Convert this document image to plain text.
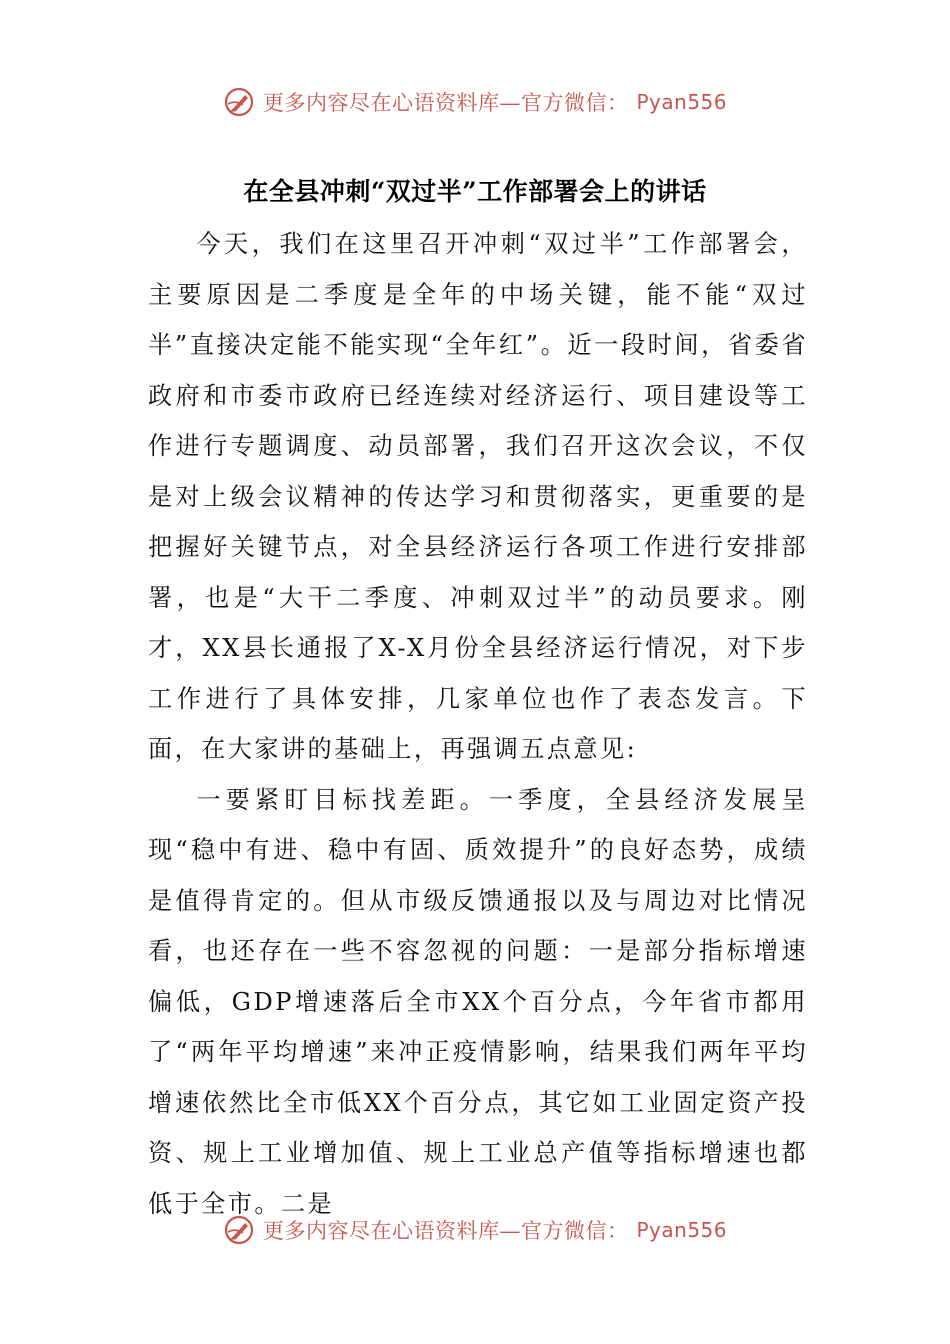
更多内容尽在心语资料库—官方微信： Pyan556
在全县冲刺“双过半”工作部署会上的讲话

今天，我们在这里召开冲刺“双过半”工作部署会，主要原因是二季度是全年的中场关键，能不能“双过半”直接决定能不能实现“全年红”。近一段时间，省委省政府和市委市政府已经连续对经济运行、项目建设等工作进行专题调度、动员部署，我们召开这次会议，不仅是对上级会议精神的传达学习和贯彻落实，更重要的是把握好关键节点，对全县经济运行各项工作进行安排部署，也是“大干二季度、冲刺双过半”的动员要求。刚才，XX县长通报了X-X月份全县经济运行情况，对下步工作进行了具体安排，几家单位也作了表态发言。下面，在大家讲的基础上，再强调五点意见:

一要紧盯目标找差距。一季度，全县经济发展呈现“稳中有进、稳中有固、质效提升”的良好态势，成绩是值得肯定的。但从市级反馈通报以及与周边对比情况看，也还存在一些不容忽视的问题：一是部分指标增速偏低，GDP增速落后全市XX个百分点，今年省市都用了“两年平均增速”来冲正疫情影响，结果我们两年平均增速依然比全市低XX个百分点，其它如工业固定资产投资、规上工业增加值、规上工业总产值等指标增速也都低于全市。二是

更多内容尽在心语资料库—官方微信： Pyan556
